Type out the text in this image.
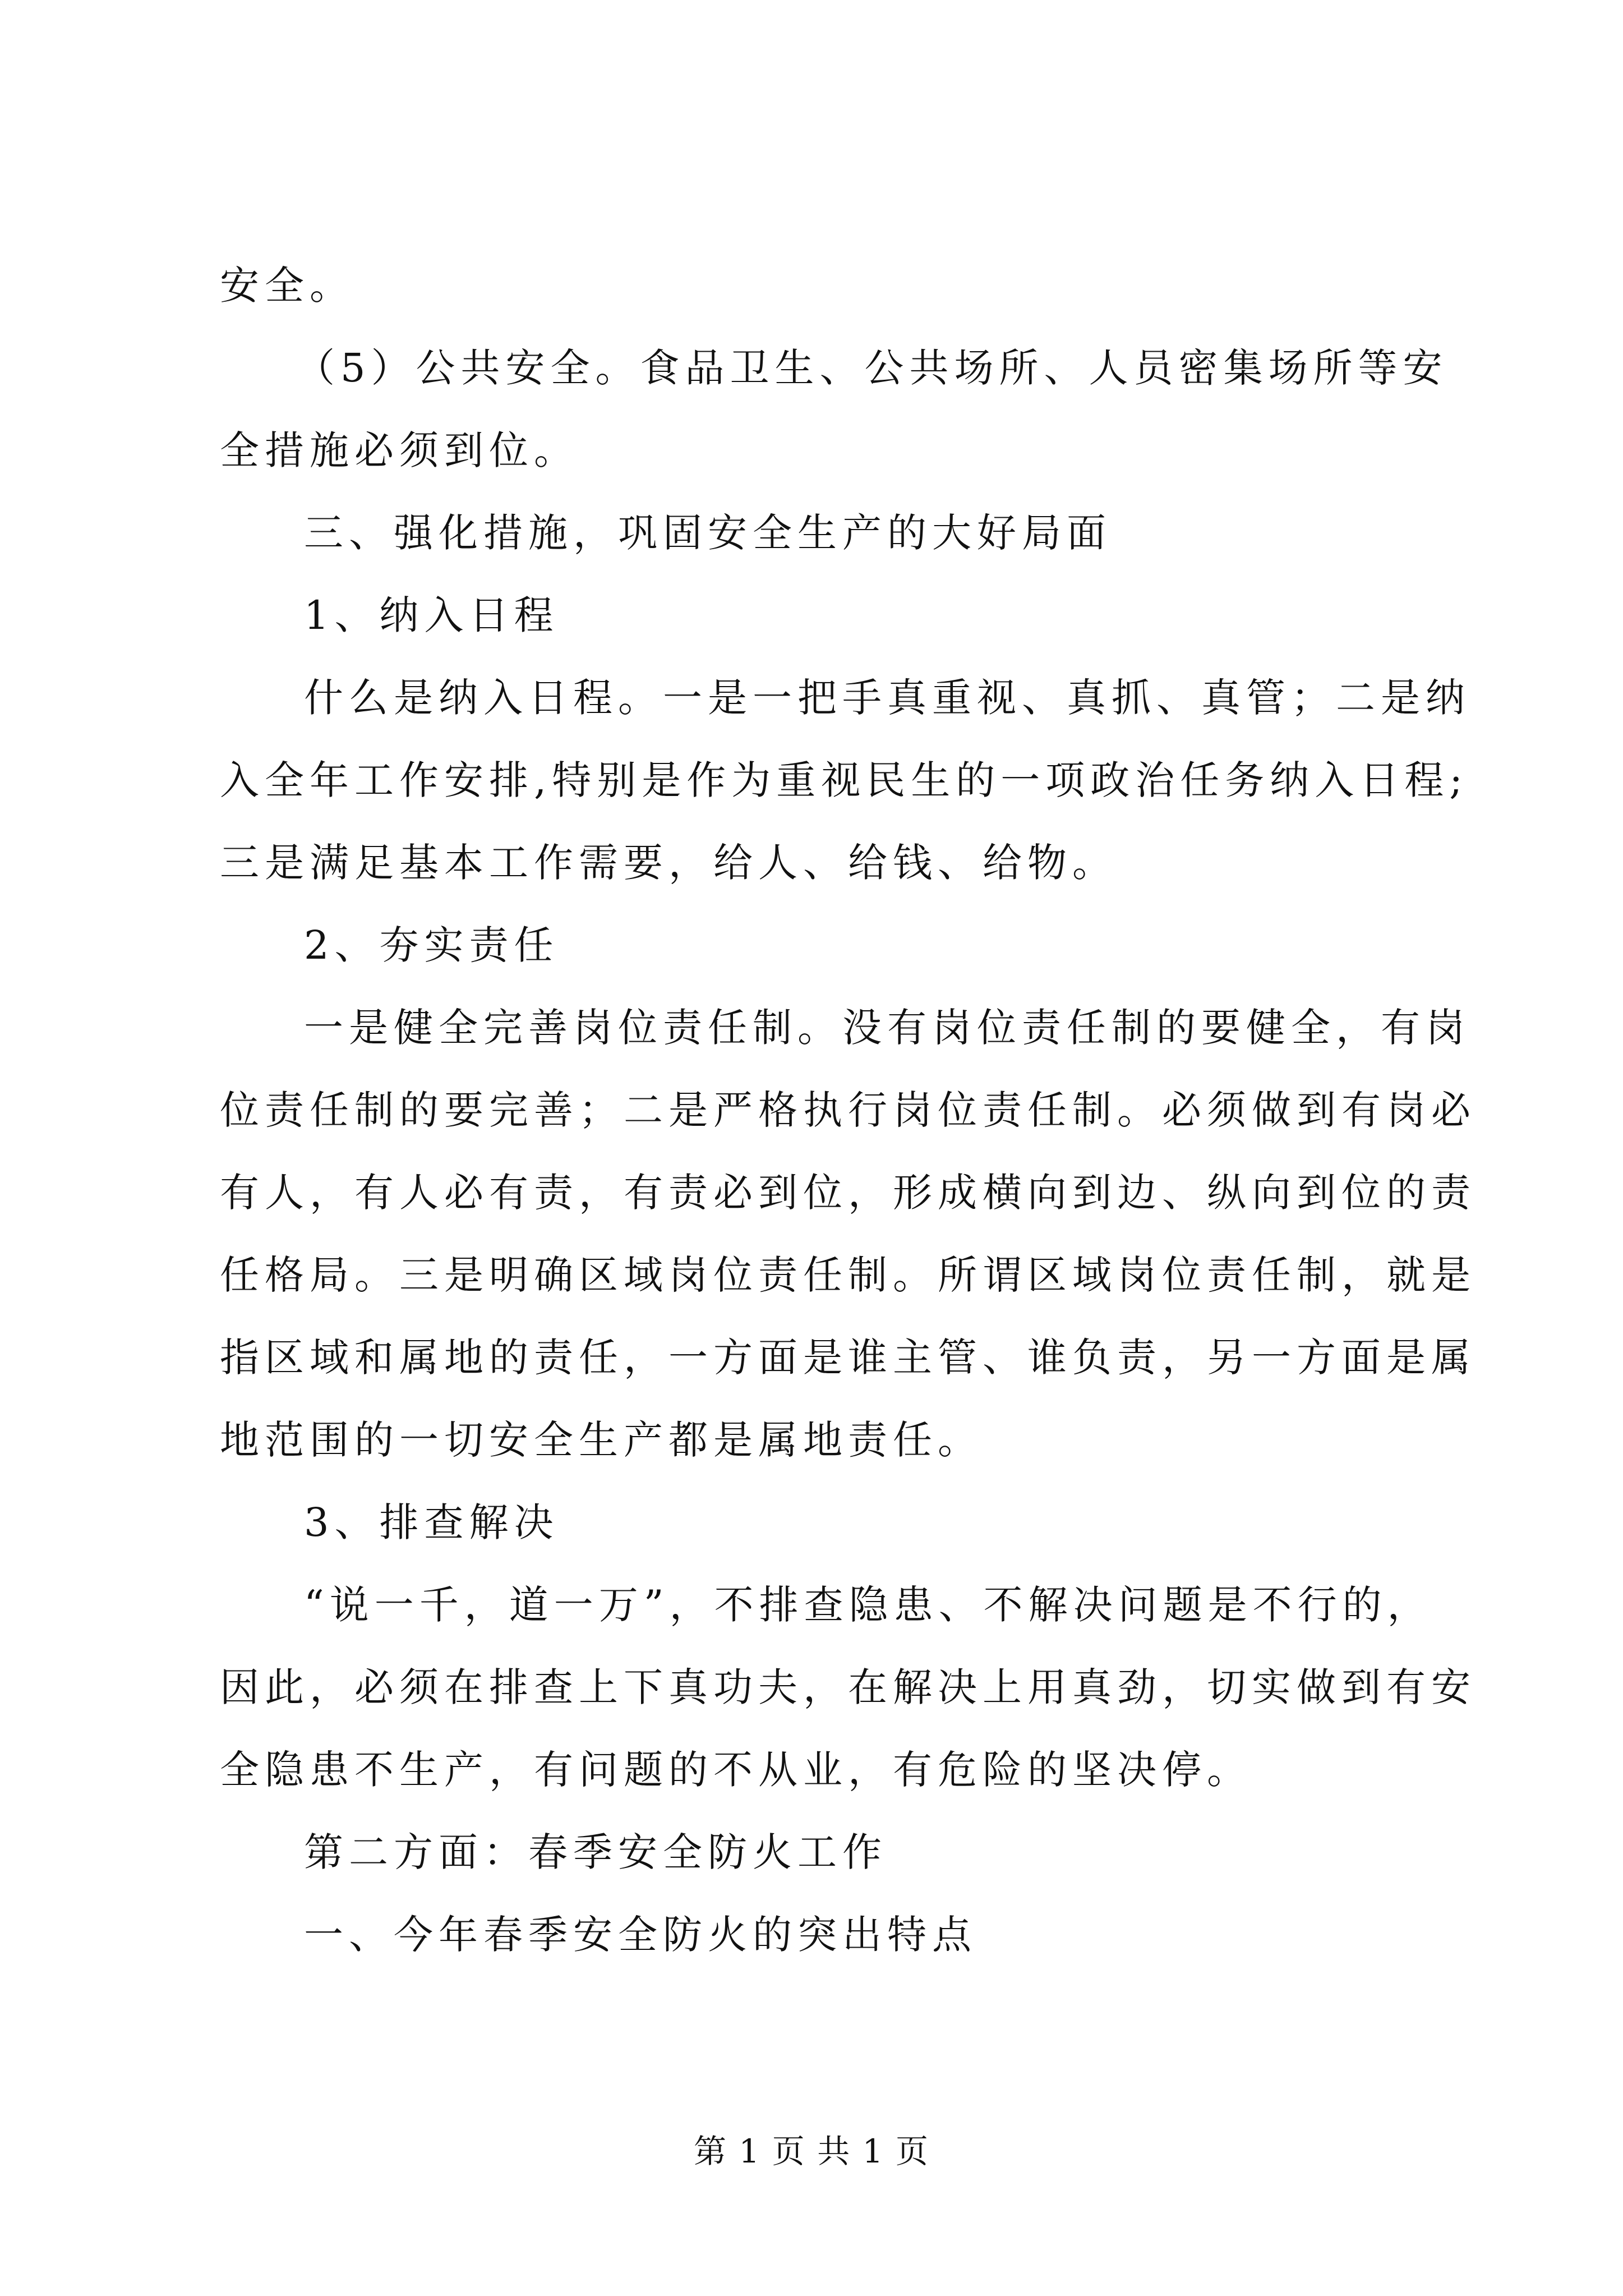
安全。
（5）公共安全。食品卫生、公共场所、人员密集场所等安
全措施必须到位。
三、强化措施，巩固安全生产的大好局面
1、纳入日程
什么是纳入日程。一是一把手真重视、真抓、真管；二是纳
入全年工作安排,特别是作为重视民生的一项政治任务纳入日程;
三是满足基本工作需要，给人、给钱、给物。
2、夯实责任
一是健全完善岗位责任制。没有岗位责任制的要健全，有岗
位责任制的要完善；二是严格执行岗位责任制。必须做到有岗必
有人，有人必有责，有责必到位，形成横向到边、纵向到位的责
任格局。三是明确区域岗位责任制。所谓区域岗位责任制，就是
指区域和属地的责任，一方面是谁主管、谁负责，另一方面是属
地范围的一切安全生产都是属地责任。
3、排查解决
“说一千，道一万”，不排查隐患、不解决问题是不行的，
因此，必须在排查上下真功夫，在解决上用真劲，切实做到有安
全隐患不生产，有问题的不从业，有危险的坚决停。
第二方面：春季安全防火工作
一、今年春季安全防火的突出特点
第 1 页 共 1 页
